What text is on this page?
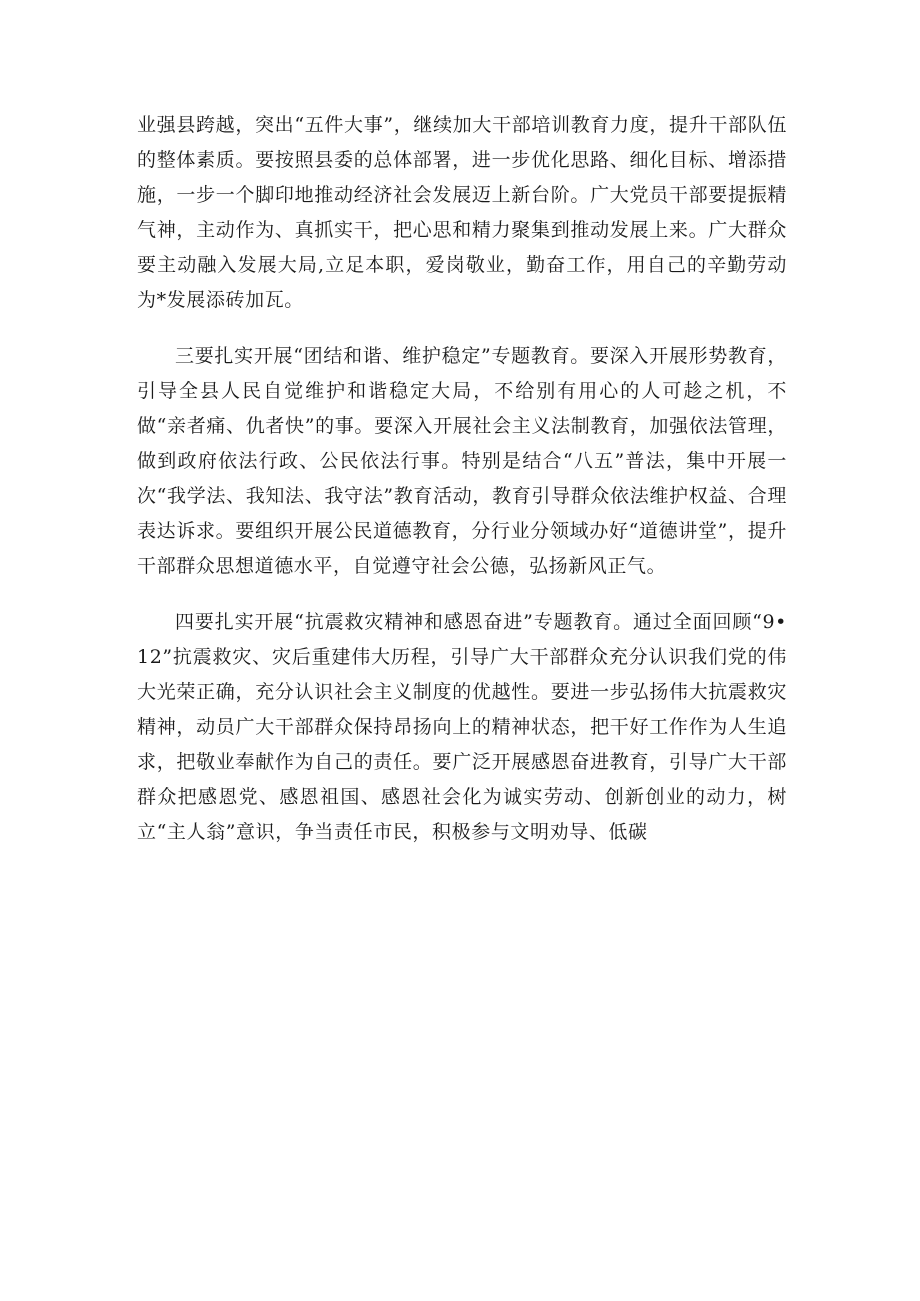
业强县跨越，突出“五件大事”，继续加大干部培训教育力度，提升干部队伍的整体素质。要按照县委的总体部署，进一步优化思路、细化目标、增添措施，一步一个脚印地推动经济社会发展迈上新台阶。广大党员干部要提振精气神，主动作为、真抓实干，把心思和精力聚集到推动发展上来。广大群众要主动融入发展大局,立足本职，爱岗敬业，勤奋工作，用自己的辛勤劳动为*发展添砖加瓦。

三要扎实开展“团结和谐、维护稳定”专题教育。要深入开展形势教育，引导全县人民自觉维护和谐稳定大局，不给别有用心的人可趁之机，不做“亲者痛、仇者快”的事。要深入开展社会主义法制教育，加强依法管理，做到政府依法行政、公民依法行事。特别是结合“八五”普法，集中开展一次“我学法、我知法、我守法”教育活动，教育引导群众依法维护权益、合理表达诉求。要组织开展公民道德教育，分行业分领域办好“道德讲堂”，提升干部群众思想道德水平，自觉遵守社会公德，弘扬新风正气。

四要扎实开展“抗震救灾精神和感恩奋进”专题教育。通过全面回顾“9•12”抗震救灾、灾后重建伟大历程，引导广大干部群众充分认识我们党的伟大光荣正确，充分认识社会主义制度的优越性。要进一步弘扬伟大抗震救灾精神，动员广大干部群众保持昂扬向上的精神状态，把干好工作作为人生追求，把敬业奉献作为自己的责任。要广泛开展感恩奋进教育，引导广大干部群众把感恩党、感恩祖国、感恩社会化为诚实劳动、创新创业的动力，树立“主人翁”意识，争当责任市民，积极参与文明劝导、低碳
